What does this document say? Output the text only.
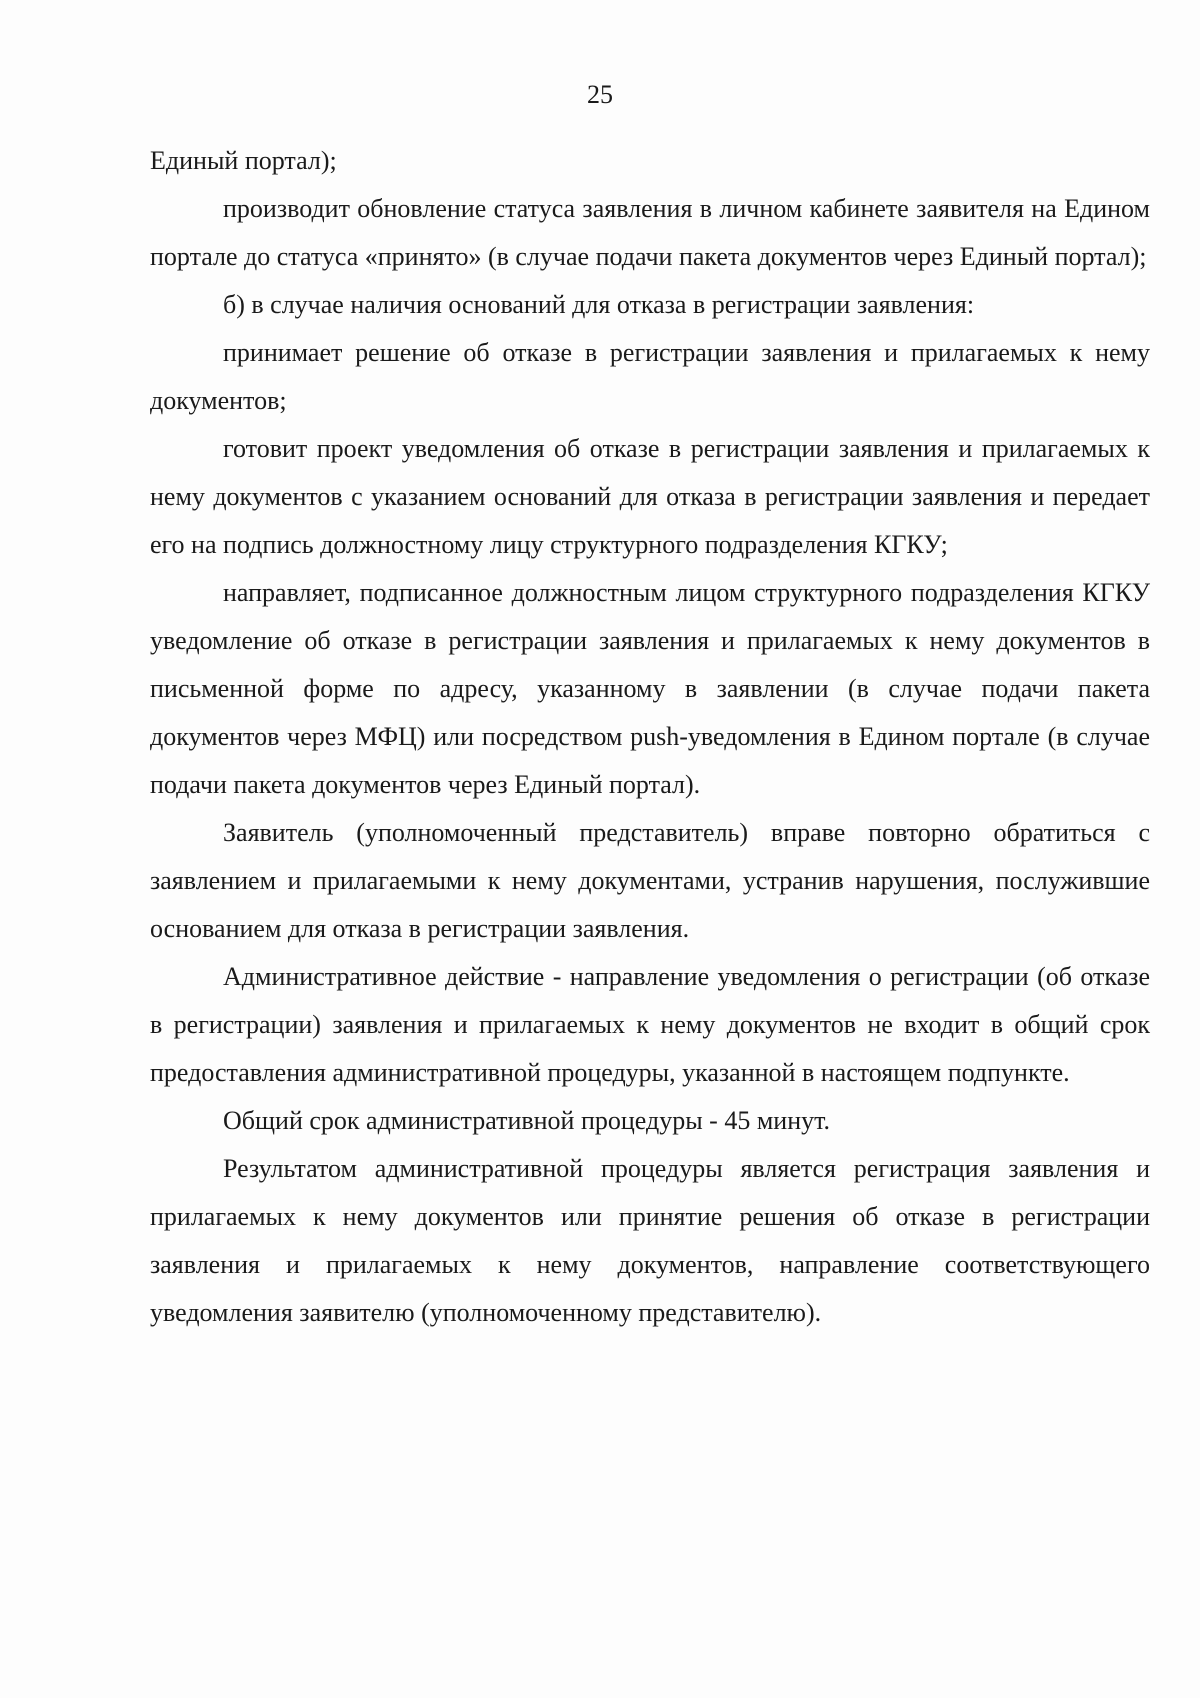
25

Единый портал);

производит обновление статуса заявления в личном кабинете заявителя на Едином портале до статуса «принято» (в случае подачи пакета документов через Единый портал);

б) в случае наличия оснований для отказа в регистрации заявления:

принимает решение об отказе в регистрации заявления и прилагаемых к нему документов;

готовит проект уведомления об отказе в регистрации заявления и прилагаемых к нему документов с указанием оснований для отказа в регистрации заявления и передает его на подпись должностному лицу структурного подразделения КГКУ;

направляет, подписанное должностным лицом структурного подразделения КГКУ уведомление об отказе в регистрации заявления и прилагаемых к нему документов в письменной форме по адресу, указанному в заявлении (в случае подачи пакета документов через МФЦ) или посредством push-уведомления в Едином портале (в случае подачи пакета документов через Единый портал).

Заявитель (уполномоченный представитель) вправе повторно обратиться с заявлением и прилагаемыми к нему документами, устранив нарушения, послужившие основанием для отказа в регистрации заявления.

Административное действие - направление уведомления о регистрации (об отказе в регистрации) заявления и прилагаемых к нему документов не входит в общий срок предоставления административной процедуры, указанной в настоящем подпункте.

Общий срок административной процедуры - 45 минут.

Результатом административной процедуры является регистрация заявления и прилагаемых к нему документов или принятие решения об отказе в регистрации заявления и прилагаемых к нему документов, направление соответствующего уведомления заявителю (уполномоченному представителю).
